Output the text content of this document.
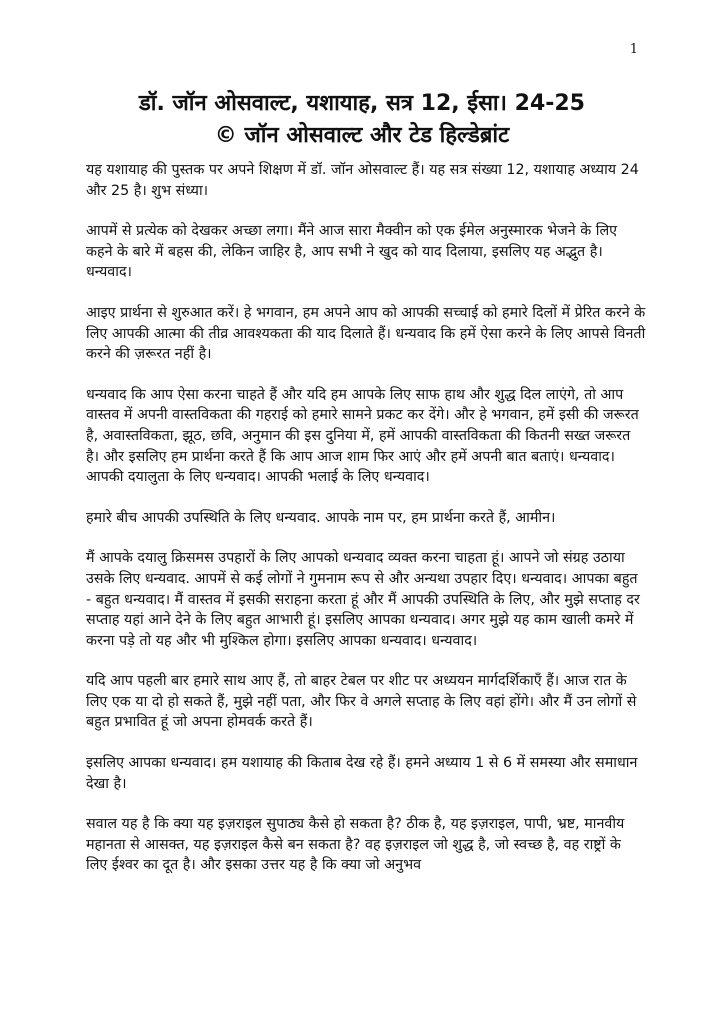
1
डॉ. जॉन ओसवाल्ट, यशायाह, सत्र 12, ईसा। 24-25
© जॉन ओसवाल्ट और टेड हिल्डेब्रांट

यह यशायाह की पुस्तक पर अपने शिक्षण में डॉ. जॉन ओसवाल्ट हैं। यह सत्र संख्या 12, यशायाह अध्याय 24 और 25 है। शुभ संध्या।

आपमें से प्रत्येक को देखकर अच्छा लगा। मैंने आज सारा मैक्वीन को एक ईमेल अनुस्मारक भेजने के लिए कहने के बारे में बहस की, लेकिन जाहिर है, आप सभी ने खुद को याद दिलाया, इसलिए यह अद्भुत है। धन्यवाद।

आइए प्रार्थना से शुरुआत करें। हे भगवान, हम अपने आप को आपकी सच्चाई को हमारे दिलों में प्रेरित करने के लिए आपकी आत्मा की तीव्र आवश्यकता की याद दिलाते हैं। धन्यवाद कि हमें ऐसा करने के लिए आपसे विनती करने की ज़रूरत नहीं है।

धन्यवाद कि आप ऐसा करना चाहते हैं और यदि हम आपके लिए साफ हाथ और शुद्ध दिल लाएंगे, तो आप वास्तव में अपनी वास्तविकता की गहराई को हमारे सामने प्रकट कर देंगे। और हे भगवान, हमें इसी की जरूरत है, अवास्तविकता, झूठ, छवि, अनुमान की इस दुनिया में, हमें आपकी वास्तविकता की कितनी सख्त जरूरत है। और इसलिए हम प्रार्थना करते हैं कि आप आज शाम फिर आएं और हमें अपनी बात बताएं। धन्यवाद। आपकी दयालुता के लिए धन्यवाद। आपकी भलाई के लिए धन्यवाद।

हमारे बीच आपकी उपस्थिति के लिए धन्यवाद. आपके नाम पर, हम प्रार्थना करते हैं, आमीन।

मैं आपके दयालु क्रिसमस उपहारों के लिए आपको धन्यवाद व्यक्त करना चाहता हूं। आपने जो संग्रह उठाया उसके लिए धन्यवाद. आपमें से कई लोगों ने गुमनाम रूप से और अन्यथा उपहार दिए। धन्यवाद। आपका बहुत - बहुत धन्यवाद। मैं वास्तव में इसकी सराहना करता हूं और मैं आपकी उपस्थिति के लिए, और मुझे सप्ताह दर सप्ताह यहां आने देने के लिए बहुत आभारी हूं। इसलिए आपका धन्यवाद। अगर मुझे यह काम खाली कमरे में करना पड़े तो यह और भी मुश्किल होगा। इसलिए आपका धन्यवाद। धन्यवाद।

यदि आप पहली बार हमारे साथ आए हैं, तो बाहर टेबल पर शीट पर अध्ययन मार्गदर्शिकाएँ हैं। आज रात के लिए एक या दो हो सकते हैं, मुझे नहीं पता, और फिर वे अगले सप्ताह के लिए वहां होंगे। और मैं उन लोगों से बहुत प्रभावित हूं जो अपना होमवर्क करते हैं।

इसलिए आपका धन्यवाद। हम यशायाह की किताब देख रहे हैं। हमने अध्याय 1 से 6 में समस्या और समाधान देखा है।

सवाल यह है कि क्या यह इज़राइल सुपाठ्य कैसे हो सकता है? ठीक है, यह इज़राइल, पापी, भ्रष्ट, मानवीय महानता से आसक्त, यह इज़राइल कैसे बन सकता है? वह इज़राइल जो शुद्ध है, जो स्वच्छ है, वह राष्ट्रों के लिए ईश्वर का दूत है। और इसका उत्तर यह है कि क्या जो अनुभव
